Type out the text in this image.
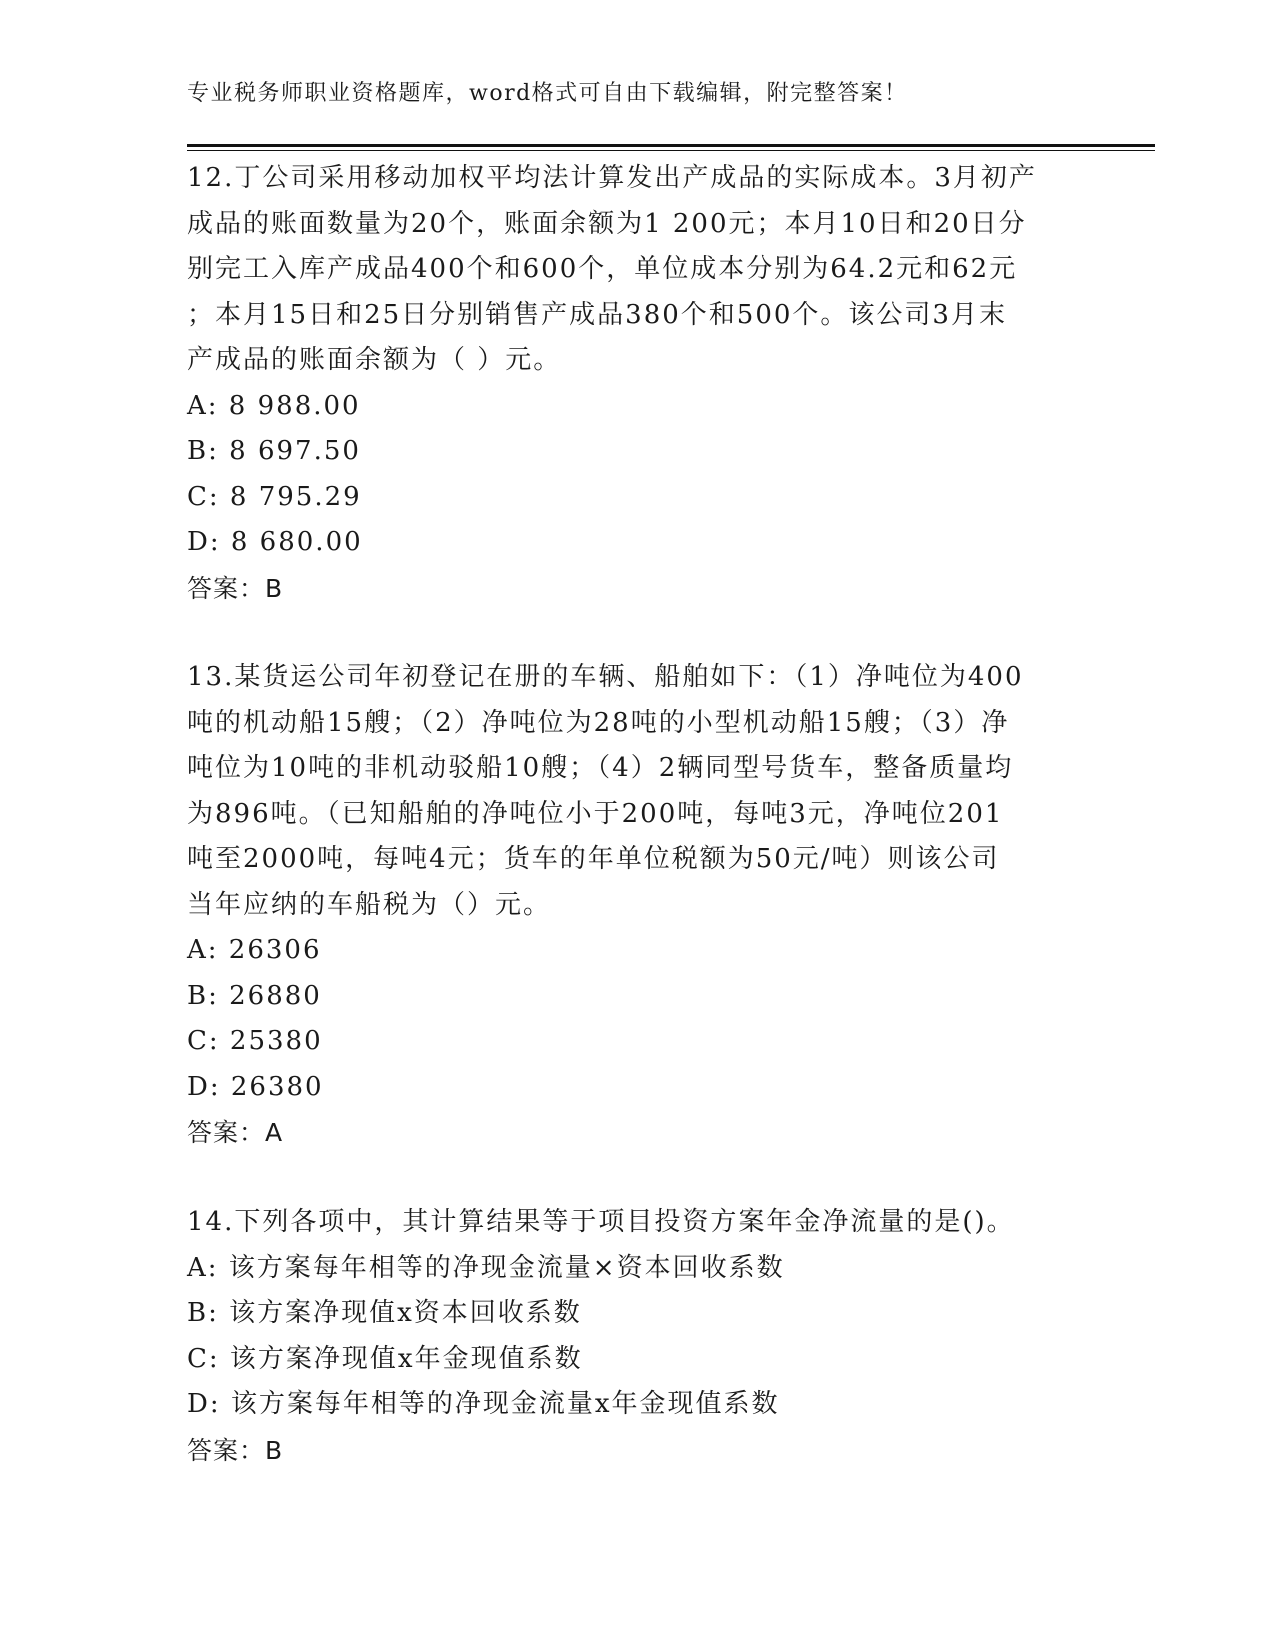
专业税务师职业资格题库，word格式可自由下载编辑，附完整答案！
12.丁公司采用移动加权平均法计算发出产成品的实际成本。3月初产
成品的账面数量为20个，账面余额为1 200元；本月10日和20日分
别完工入库产成品400个和600个，单位成本分别为64.2元和62元
；本月15日和25日分别销售产成品380个和500个。该公司3月末
产成品的账面余额为（ ）元。
A: 8 988.00
B: 8 697.50
C: 8 795.29
D: 8 680.00
答案：B
13.某货运公司年初登记在册的车辆、船舶如下：（1）净吨位为400
吨的机动船15艘；（2）净吨位为28吨的小型机动船15艘；（3）净
吨位为10吨的非机动驳船10艘；（4）2辆同型号货车，整备质量均
为896吨。（已知船舶的净吨位小于200吨，每吨3元，净吨位201
吨至2000吨，每吨4元；货车的年单位税额为50元/吨）则该公司
当年应纳的车船税为（）元。
A: 26306
B: 26880
C: 25380
D: 26380
答案：A
14.下列各项中，其计算结果等于项目投资方案年金净流量的是()。
A: 该方案每年相等的净现金流量×资本回收系数
B: 该方案净现值x资本回收系数
C: 该方案净现值x年金现值系数
D: 该方案每年相等的净现金流量x年金现值系数
答案：B
